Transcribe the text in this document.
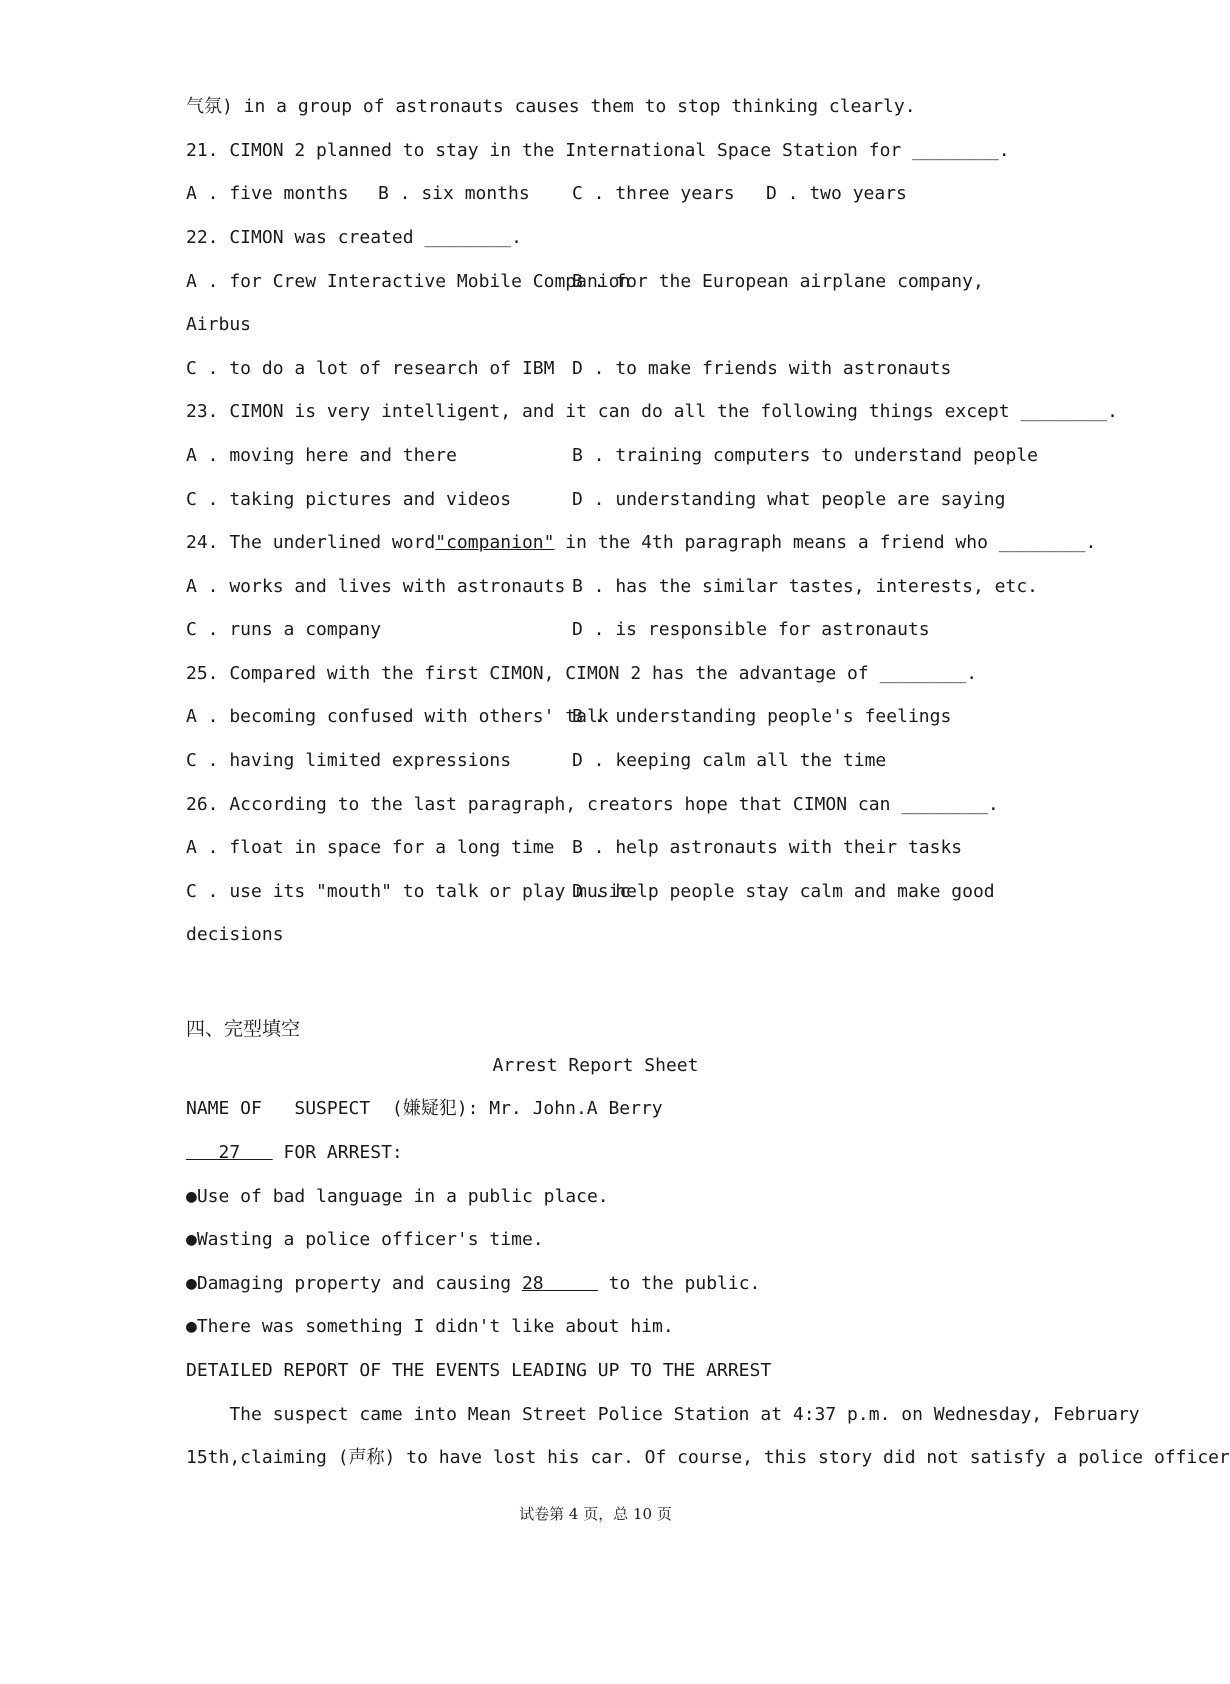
气氛) in a group of astronauts causes them to stop thinking clearly.
21. CIMON 2 planned to stay in the International Space Station for ________.
A . five months B . six months C . three years D . two years
22. CIMON was created ________.
A . for Crew Interactive Mobile Companion
B . for the European airplane company,
Airbus
C . to do a lot of research of IBM D . to make friends with astronauts
23. CIMON is very intelligent, and it can do all the following things except ________.
A . moving here and there	B . training computers to understand people
C . taking pictures and videos	D . understanding what people are saying
24. The underlined word"companion" in the 4th paragraph means a friend who ________.
A . works and lives with astronauts B . has the similar tastes, interests, etc.
C . runs a company	D . is responsible for astronauts
25. Compared with the first CIMON, CIMON 2 has the advantage of ________.
A . becoming confused with others' talk
B . understanding people's feelings
C . having limited expressions	D . keeping calm all the time
26. According to the last paragraph, creators hope that CIMON can ________.
A . float in space for a long time B . help astronauts with their tasks
C . use its "mouth" to talk or play music
D . help people stay calm and make good
decisions
四、完型填空
Arrest Report Sheet
NAME OF   SUSPECT  (嫌疑犯): Mr. John.A Berry
27    FOR ARREST:
●Use of bad language in a public place.
●Wasting a police officer's time.
●Damaging property and causing 28	to the public.
●There was something I didn't like about him.
DETAILED REPORT OF THE EVENTS LEADING UP TO THE ARREST
The suspect came into Mean Street Police Station at 4:37 p.m. on Wednesday, February
15th,claiming (声称) to have lost his car. Of course, this story did not satisfy a police officer
试卷第 4 页，总 10 页
